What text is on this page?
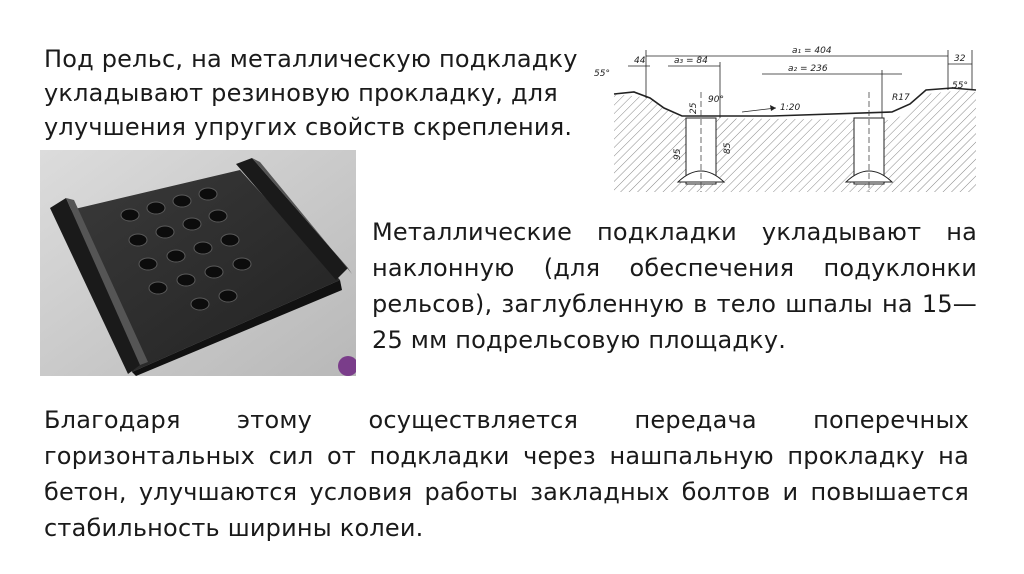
Под рельс, на металлическую подкладку укладывают резиновую прокладку, для улучшения упругих свойств скрепления.
a₁ = 404
a₂ = 236
a₃ = 84
44	32
55°
55°
90°
1:20
R17
95
25
85
Металлические подкладки укладывают на наклонную (для обеспечения подуклонки рельсов), заглубленную в тело шпалы на 15— 25 мм подрельсовую площадку.
Благодаря этому осуществляется передача поперечных горизонтальных сил от подкладки через нашпальную прокладку на бетон, улучшаются условия работы закладных болтов и повышается стабильность ширины колеи.
